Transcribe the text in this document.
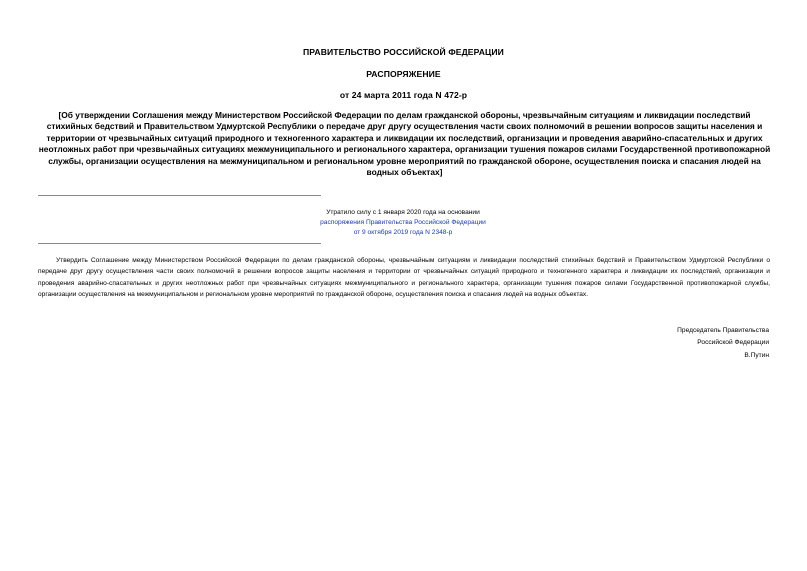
ПРАВИТЕЛЬСТВО РОССИЙСКОЙ ФЕДЕРАЦИИ
РАСПОРЯЖЕНИЕ
от 24 марта 2011 года N 472-р
[Об утверждении Соглашения между Министерством Российской Федерации по делам гражданской обороны, чрезвычайным ситуациям и ликвидации последствий стихийных бедствий и Правительством Удмуртской Республики о передаче друг другу осуществления части своих полномочий в решении вопросов защиты населения и территории от чрезвычайных ситуаций природного и техногенного характера и ликвидации их последствий, организации и проведения аварийно-спасательных и других неотложных работ при чрезвычайных ситуациях межмуниципального и регионального характера, организации тушения пожаров силами Государственной противопожарной службы, организации осуществления на межмуниципальном и региональном уровне мероприятий по гражданской обороне, осуществления поиска и спасания людей на водных объектах]
Утратило силу с 1 января 2020 года на основании
распоряжения Правительства Российской Федерации
от 9 октября 2019 года N 2348-р
Утвердить Соглашение между Министерством Российской Федерации по делам гражданской обороны, чрезвычайным ситуациям и ликвидации последствий стихийных бедствий и Правительством Удмуртской Республики о передаче друг другу осуществления части своих полномочий в решении вопросов защиты населения и территории от чрезвычайных ситуаций природного и техногенного характера и ликвидации их последствий, организации и проведения аварийно-спасательных и других неотложных работ при чрезвычайных ситуациях межмуниципального и регионального характера, организации тушения пожаров силами Государственной противопожарной службы, организации осуществления на межмуниципальном и региональном уровне мероприятий по гражданской обороне, осуществления поиска и спасания людей на водных объектах.
Председатель Правительства
Российской Федерации
В.Путин
